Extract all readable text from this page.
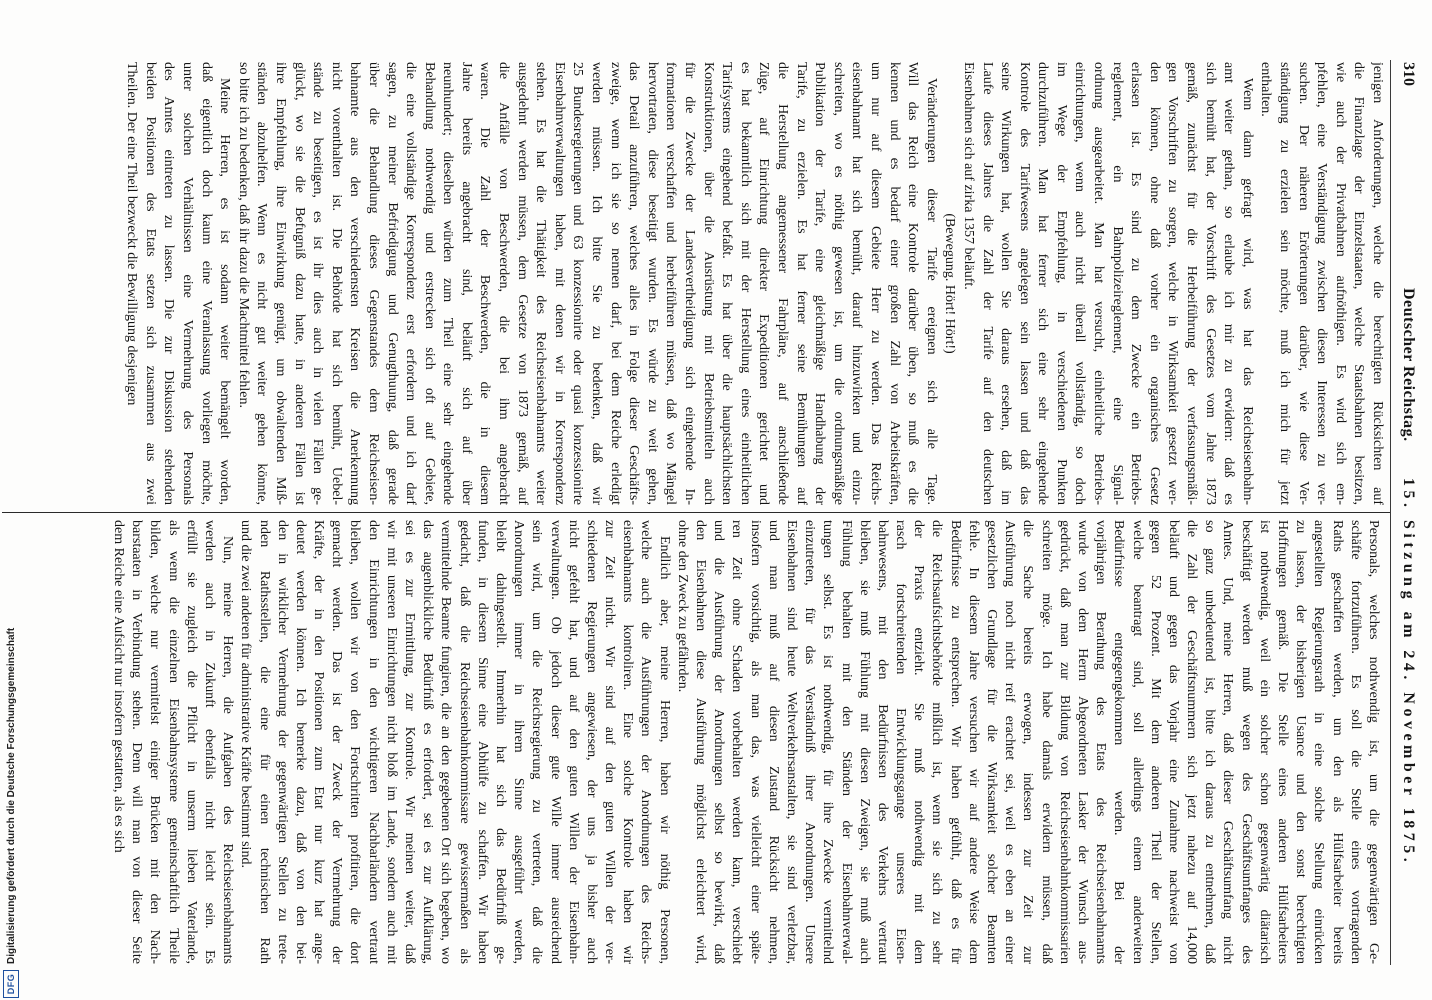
310
Deutscher Reichstag.
15. Sitzung am 24. November 1875.
jenigen Anforderungen, welche die berechtigten Rücksichten auf
die Finanzlage der Einzelstaaten, welche Staatsbahnen besitzen,
wie auch der Privatbahnen aufnöthigen. Es wird sich em-
pfehlen, eine Verständigung zwischen diesen Interessen zu ver-
suchen. Der näheren Erörterungen darüber, wie diese Ver-
ständigung zu erzielen sein möchte, muß ich mich für jetzt
enthalten.
Wenn dann gefragt wird, was hat das Reichseisenbahn-
amt weiter gethan, so erlaube ich mir zu erwidern: daß es
sich bemüht hat, der Vorschrift des Gesetzes vom Jahre 1873
gemäß, zunächst für die Herbeiführung der verfassungsmäßi-
gen Vorschriften zu sorgen, welche in Wirksamkeit gesetzt wer-
den können, ohne daß vorher ein organisches Gesetz
erlassen ist. Es sind zu dem Zwecke ein Betriebs-
reglement, ein Bahnpolizeireglement, eine Signal-
ordnung ausgearbeitet. Man hat versucht, einheitliche Betriebs-
einrichtungen, wenn auch nicht überall vollständig, so doch
im Wege der Empfehlung, in verschiedenen Punkten
durchzuführen. Man hat ferner sich eine sehr eingehende
Kontrole des Tarifwesens angelegen sein lassen und daß das
seine Wirkungen hat, wollen Sie daraus ersehen, daß im
Laufe dieses Jahres die Zahl der Tarife auf den deutschen
Eisenbahnen sich auf zirka 1357 beläuft.
(Bewegung. Hört! Hört!)
Veränderungen dieser Tarife ereignen sich alle Tage.
Will das Reich eine Kontrole darüber üben, so muß es die
kennen und es bedarf einer großen Zahl von Arbeitskräften,
um nur auf diesem Gebiete Herr zu werden. Das Reichs-
eisenbahnamt hat sich bemüht, darauf hinzuwirken und einzu-
schreiten, wo es nöthig gewesen ist, um die ordnungsmäßige
Publikation der Tarife, eine gleichmäßige Handhabung der
Tarife, zu erzielen. Es hat ferner seine Bemühungen auf
die Herstellung angemessener Fahrpläne, auf anschließende
Züge, auf Einrichtung direkter Expeditionen gerichtet und
es hat bekanntlich sich mit der Herstellung eines einheitlichen
Tarifsystems eingehend befaßt. Es hat über die hauptsächlichsten
Konstruktionen, über die Ausrüstung mit Betriebsmitteln auch
für die Zwecke der Landesvertheidigung sich eingehende In-
formationen verschaffen und herbeiführen müssen, daß wo Mängel
hervortraten, diese beseitigt wurden. Es würde zu weit gehen,
das Detail anzuführen, welches alles in Folge dieser Geschäfts-
zweige, wenn ich sie so nennen darf, bei dem Reiche erledigt
werden müssen. Ich bitte Sie zu bedenken, daß wir
25 Bundesregierungen und 63 konzessionirte oder quasi konzessionirte
Eisenbahnverwaltungen haben, mit denen wir in Korrespondenz
stehen. Es hat die Thätigkeit des Reichseisenbahnamts weiter
ausgedehnt werden müssen, dem Gesetze von 1873 gemäß, auf
die Anfälle von Beschwerden, die bei ihm angebracht
waren. Die Zahl der Beschwerden, die in diesem
Jahre bereits angebracht sind, beläuft sich auf über
neunhundert; dieselben würden zum Theil eine sehr eingehende
Behandlung nothwendig und erstrecken sich oft auf Gebiete,
die eine vollständige Korrespondenz erst erfordern und ich darf
sagen, zu meiner Befriedigung und Genugthuung, daß gerade
über die Behandlung dieses Gegenstandes dem Reichseisen-
bahnamte aus den verschiedensten Kreisen die Anerkennung
nicht vorenthalten ist. Die Behörde hat sich bemüht, Uebel-
stände zu beseitigen, es ist ihr dies auch in vielen Fällen ge-
glückt, wo sie die Befugniß dazu hatte, in anderen Fällen ist
ihre Empfehlung, ihre Einwirkung genügt, um obwaltenden Miß-
ständen abzuhelfen. Wenn es nicht gut weiter gehen könnte,
so bitte ich zu bedenken, daß ihr dazu die Machtmittel fehlen.
Meine Herren, es ist sodann weiter bemängelt worden,
daß eigentlich doch kaum eine Veranlassung vorliegen möchte,
unter solchen Verhältnissen eine Vermehrung des Personals
des Amtes eintreten zu lassen. Die zur Diskussion stehenden
beiden Positionen des Etats setzen sich zusammen aus zwei
Theilen. Der eine Theil bezweckt die Bewilligung desjenigen
Personals, welches nothwendig ist, um die gegenwärtigen Ge-
schäfte fortzuführen. Es soll die Stelle eines vortragenden
Raths geschaffen werden, um den als Hülfsarbeiter bereits
angestellten Regierungsrath in eine solche Stellung einrücken
zu lassen, der bisherigen Usance und den sonst berechtigten
Hoffnungen gemäß. Die Stelle eines anderen Hülfsarbeiters
ist nothwendig, weil ein solcher schon gegenwärtig diätarisch
beschäftigt werden muß wegen des Geschäftsumfanges des
Amtes. Und, meine Herren, daß dieser Geschäftsumfang nicht
so ganz unbedeutend ist, bitte ich daraus zu entnehmen, daß
die Zahl der Geschäftsnummern sich jetzt nahezu auf 14,000
beläuft und gegen das Vorjahr eine Zunahme nachweist von
gegen 52 Prozent. Mit dem anderen Theil der Stellen,
welche beantragt sind, soll allerdings einem anderweiten
Bedürfnisse entgegengekommen werden. Bei der
vorjährigen Berathung des Etats des Reichseisenbahnamts
wurde von dem Herrn Abgeordneten Lasker der Wunsch aus-
gedrückt, daß man zur Bildung von Reichseisenbahnkommissarien
schreiten möge. Ich habe damals erwidern müssen, daß
die Sache bereits erwogen, indessen zur Zeit zur
Ausführung noch nicht reif erachtet sei, weil es eben an einer
gesetzlichen Grundlage für die Wirksamkeit solcher Beamten
fehle. In diesem Jahre versuchen wir auf andere Weise dem
Bedürfnisse zu entsprechen. Wir haben gefühlt, daß es für
die Reichsaufsichtsbehörde mißlich ist, wenn sie sich zu sehr
der Praxis entzieht. Sie muß nothwendig mit dem
rasch fortschreitenden Entwicklungsgange unseres Eisen-
bahnwesens, mit den Bedürfnissen des Verkehrs vertraut
bleiben, sie muß Fühlung mit diesen Zweigen, sie muß auch
Fühlung behalten mit den Ständen der Eisenbahnverwal-
tungen selbst. Es ist nothwendig, für ihre Zwecke vermittelnd
einzutreten, für das Verständniß ihrer Anordnungen. Unsere
Eisenbahnen sind heute Weltverkehrsanstalten, sie sind verletzbar,
und man muß auf diesen Zustand Rücksicht nehmen,
insofern vorsichtig, als man das, was vielleicht einer späte-
ren Zeit ohne Schaden vorbehalten werden kann, verschiebt
und die Ausführung der Anordnungen selbst so bewirkt, daß
den Eisenbahnen diese Ausführung möglichst erleichtert wird,
ohne den Zweck zu gefährden.
Endlich aber, meine Herren, haben wir nöthig Personen,
welche auch die Ausführungen der Anordnungen des Reichs-
eisenbahnamts kontroliren. Eine solche Kontrole haben wir
zur Zeit nicht. Wir sind auf den guten Willen der ver-
schiedenen Regierungen angewiesen, der uns ja bisher auch
nicht gefehlt hat, und auf den guten Willen der Eisenbahn-
verwaltungen. Ob jedoch dieser gute Wille immer ausreichend
sein wird, um die Reichsregierung zu vertreten, daß die
Anordnungen immer in ihrem Sinne ausgeführt werden,
bleibt dahingestellt. Immerhin hat sich das Bedürfniß ge-
funden, in diesem Sinne eine Abhülfe zu schaffen. Wir haben
gedacht, daß die Reichseisenbahnkommissare gewissermaßen als
vermittelnde Beamte fungiren, die an den gegebenen Ort sich begeben, wo
das augenblickliche Bedürfniß es erfordert, sei es zur Aufklärung,
sei es zur Ermittlung, zur Kontrole. Wir meinen weiter, daß
wir mit unseren Einrichtungen nicht bloß im Lande, sondern auch mit
den Einrichtungen in den wichtigeren Nachbarländern vertraut
bleiben, wollen wir von den Fortschritten profitiren, die dort
gemacht werden. Das ist der Zweck der Vermehrung der
Kräfte, der in den Positionen zum Etat nur kurz hat ange-
deutet werden können. Ich bemerke dazu, daß von den bei-
den in wirklicher Vermehrung der gegenwärtigen Stellen zu trete-
nden Rathsstellen, die eine für einen technischen Rath
und die zwei anderen für administrative Kräfte bestimmt sind.
Nun, meine Herren, die Aufgaben des Reichseisenbahnamts
werden auch in Zukunft ebenfalls nicht leicht sein. Es
erfüllt sie zugleich die Pflicht in unserm lieben Vaterlande,
als wenn die einzelnen Eisenbahnsysteme gemeinschaftlich Theile
bilden, welche nur vermittelst einiger Brücken mit den Nach-
barstaaten in Verbindung stehen. Denn will man von dieser Seite
dem Reiche eine Aufsicht nur insofern gestatten, als es sich
DFG
Digitalisierung gefördert durch die Deutsche Forschungsgemeinschaft
